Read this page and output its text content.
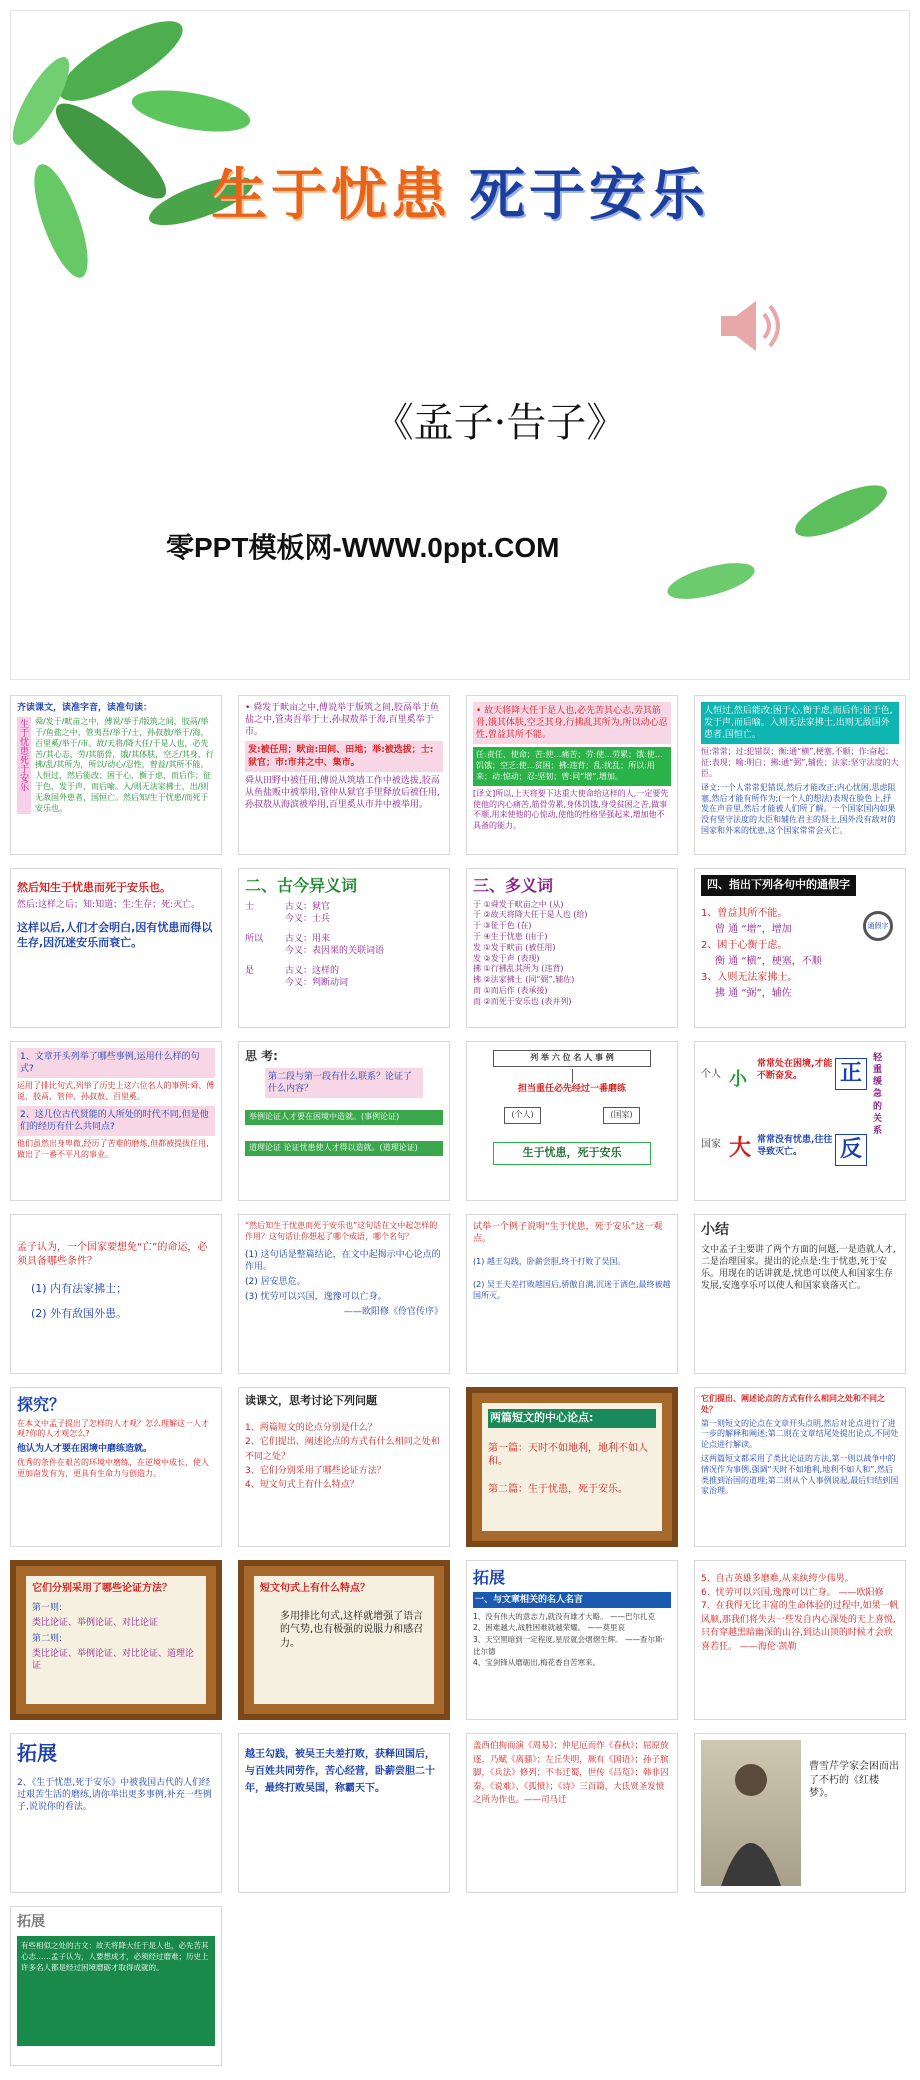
生于忧患 死于安乐
《孟子·告子》
零PPT模板网-WWW.0ppt.COM

齐读课文，读准字音，读准句读：

生于忧患死于安乐 舜/发于/畎亩之中，傅说/举于/版筑之间，胶鬲/举于/鱼盐之中，管夷吾/举于/士，孙叔敖/举于/海，百里奚/举于/市。故/天将/降大任/于是人也，必先苦/其心志，劳/其筋骨，饿/其体肤，空乏/其身，行拂/乱/其所为，所以/动心/忍性，曾益/其所不能。人恒过，然后能改；困于心，衡于虑，而后作；征于色，发于声，而后喻。入/则无法家拂士，出/则无敌国外患者，国恒亡。然后知/生于忧患/而死于安乐也。

• 舜发于畎亩之中,傅说举于版筑之间,胶鬲举于鱼盐之中,管夷吾举于士,孙叔敖举于海,百里奚举于市。

发:被任用；畎亩:田间、田地；举:被选拔；士:狱官；市:市井之中、集市。

舜从田野中被任用,傅说从筑墙工作中被选拔,胶鬲从鱼盐贩中被举用,管仲从狱官手里释放后被任用,孙叔敖从海滨被举用,百里奚从市井中被举用。

• 故天将降大任于是人也,必先苦其心志,劳其筋骨,饿其体肤,空乏其身,行拂乱其所为,所以动心忍性,曾益其所不能。

任:责任、使命；苦:使…痛苦；劳:使…劳累；饿:使…饥饿；空乏:使…贫困；拂:违背；乱:扰乱；所以:用来；动:惊动；忍:坚韧；曾:同“增”,增加。

[译文]所以,上天将要下达重大使命给这样的人,一定要先使他的内心痛苦,筋骨劳累,身体饥饿,身受贫困之苦,做事不顺,用来使他的心惊动,使他的性格坚强起来,增加他不具备的能力。

人恒过,然后能改;困于心,衡于虑,而后作;征于色,发于声,而后喻。入则无法家拂士,出则无敌国外患者,国恒亡。

恒:常常；过:犯错误；衡:通“横”,梗塞,不顺；作:奋起；征:表现；喻:明白；拂:通“弼”,辅佐；法家:坚守法度的大臣。

译文:一个人常常犯错误,然后才能改正;内心忧困,思虑阻塞,然后才能有所作为;(一个人的想法)表现在脸色上,抒发在声音里,然后才能被人们所了解。一个国家国内如果没有坚守法度的大臣和辅佐君主的贤士,国外没有敌对的国家和外来的忧患,这个国家常常会灭亡。

然后知生于忧患而死于安乐也。

然后:这样之后；知:知道；生:生存；死:灭亡。

这样以后,人们才会明白,因有忧患而得以生存,因沉迷安乐而衰亡。

二、古今异义词

士	古义：狱官
今义：士兵
所以	古义：用来
今义：表因果的关联词语
是	古义：这样的
今义：判断动词

三、多义词

于 ①舜发于畎亩之中 (从)
于 ②故天将降大任于是人也 (给)
于 ③征于色 (在)
于 ④生于忧患 (由于)
发 ①发于畎亩 (被任用)
发 ②发于声 (表现)
拂 ①行拂乱其所为 (违背)
拂 ②法家拂士 (同“弼”,辅佐)
而 ①而后作 (表承接)
而 ②而死于安乐也 (表并列)
四、指出下列各句中的通假字
1、曾益其所不能。
曾 通 “增”，增加
2、困于心衡于虑。
衡 通 “横”，梗塞，不顺
3、入则无法家拂士。
拂 通 “弼”，辅佐
通假字

1、文章开头列举了哪些事例,运用什么样的句式?

运用了排比句式,列举了历史上这六位名人的事例:舜、傅说、胶鬲、管仲、孙叔敖、百里奚。

2、这几位古代贤能的人所处的时代不同,但是他们的经历有什么共同点?

他们虽然出身卑微,经历了苦难的磨炼,但都被提拔任用,做出了一番不平凡的事业。

思 考:

第二段与第一段有什么联系？论证了什么内容？

举例论证人才要在困境中造就。(事例论证)

道理论证 论证忧患使人才得以造就。(道理论证)

列 举 六 位 名 人 事 例
担当重任必先经过一番磨练
(个人)	(国家)
生于忧患，死于安乐
个人 小
常常处在困境,才能不断奋发。	正
国家 大 常常没有忧患,往往导致灭亡。	反
轻重缓急的关系

孟子认为，一个国家要想免“亡”的命运，必须具备哪些条件？

(1) 内有法家拂士；

(2) 外有敌国外患。

“然后知生于忧患而死于安乐也”这句话在文中起怎样的作用？这句话让你想起了哪个成语，哪个名句？

(1) 这句话是整篇结论，在文中起揭示中心论点的作用。

(2) 居安思危。

(3) 忧劳可以兴国，逸豫可以亡身。

——欧阳修《伶官传序》

试举一个例子说明“生于忧患，死于安乐”这一观点。

(1) 越王勾践，卧薪尝胆,终于打败了吴国。

(2) 吴王夫差打败越国后,骄傲自满,沉迷于酒色,最终被越国所灭。

小结

文中孟子主要讲了两个方面的问题,一是造就人才,二是治理国家。提出的论点是:生于忧患,死于安乐。用现在的话讲就是,忧患可以使人和国家生存发展,安逸享乐可以使人和国家衰落灭亡。

探究？

在本文中孟子提出了怎样的人才观？怎么理解这一人才观?你的人才观怎么?

他认为人才要在困境中磨练造就。

优秀的条件在艰苦的环境中磨练，在逆境中成长，使人更加奋发有为，更具有生命力与创造力。

读课文，思考讨论下列问题

1、两篇短文的论点分别是什么？
2、它们提出、阐述论点的方式有什么相同之处和不同之处？
3、它们分别采用了哪些论证方法？
4、短文句式上有什么特点？

两篇短文的中心论点:

第一篇：天时不如地利，地利不如人和。

第二篇：生于忧患，死于安乐。

它们提出、阐述论点的方式有什么相同之处和不同之处？

第一则短文的论点在文章开头点明,然后对论点进行了进一步的解释和阐述;第二则在文章结尾处提出论点,不同处论点进行解读。

这两篇短文都采用了类比论证的方法,第一则以战争中的情况作为事例,强调“天时不如地利,地利不如人和”,然后类推到治国的道理;第二则从个人事例说起,最后归结到国家治理。

它们分别采用了哪些论证方法？

第一则:

类比论证、举例论证、对比论证

第二则:

类比论证、举例论证、对比论证、道理论证

短文句式上有什么特点？

多用排比句式,这样就增强了语言的气势,也有极强的说服力和感召力。

拓展

一、与文章相关的名人名言

1、没有伟大的意志力,就没有雄才大略。 ——巴尔扎克
2、困难越大,战胜困难就越荣耀。 ——莫里哀
3、天空黑暗到一定程度,星辰就会熠熠生辉。 ——查尔斯·比尔德
4、宝剑锋从磨砺出,梅花香自苦寒来。
5、自古英雄多磨难,从来纨绔少伟男。
6、忧劳可以兴国,逸豫可以亡身。 ——欧阳修
7、在我得无比丰富的生命体验的过程中,如果一帆风顺,那我们将失去一些发自内心深处的无上喜悦,只有穿越黑暗幽深的山谷,到达山顶的时候才会欣喜若狂。 ——海伦·凯勒

拓展

2、《生于忧患,死于安乐》中被我国古代的人们经过艰苦生活的磨练,请你举出更多事例,补充一些例子,说说你的看法。

越王勾践，被吴王夫差打败，获释回国后，与百姓共同劳作，苦心经营，卧薪尝胆二十年，最终打败吴国，称霸天下。

盖西伯拘而演《周易》；仲尼厄而作《春秋》；屈原放逐，乃赋《离骚》；左丘失明，厥有《国语》；孙子膑脚，《兵法》修列；不韦迁蜀，世传《吕览》；韩非囚秦，《说难》、《孤愤》；《诗》三百篇，大氐贤圣发愤之所为作也。——司马迁

曹雪芹学家会困而出了不朽的《红楼梦》。

拓展

有些相似之处的古文：故天将降大任于是人也，必先苦其心志……孟子认为，人要想成才，必须经过磨难；历史上许多名人都是经过困境磨砺才取得成就的。
